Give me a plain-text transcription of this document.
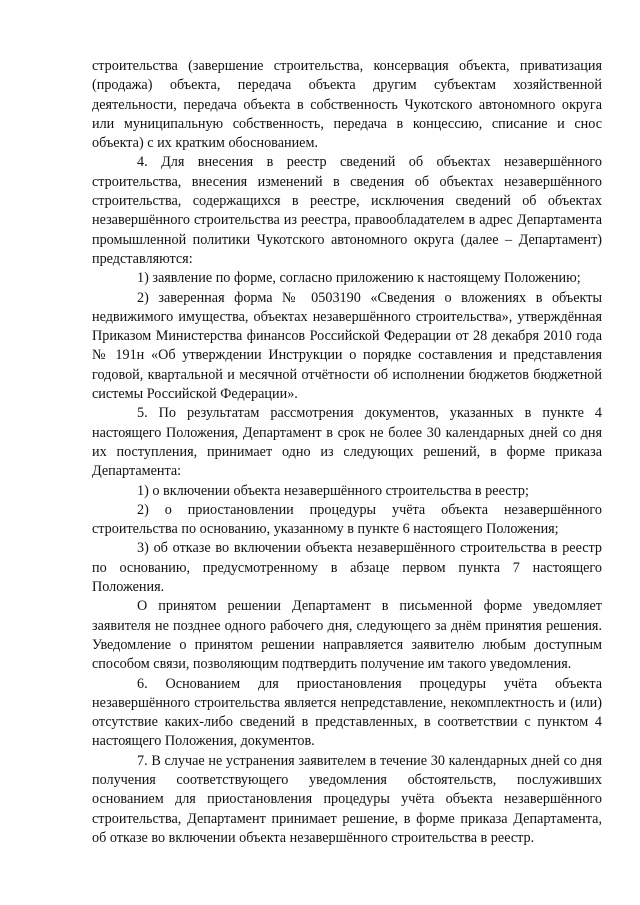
строительства (завершение строительства, консервация объекта, приватизация (продажа) объекта, передача объекта другим субъектам хозяйственной деятельности, передача объекта в собственность Чукотского автономного округа или муниципальную собственность, передача в концессию, списание и снос объекта) с их кратким обоснованием.

4. Для внесения в реестр сведений об объектах незавершённого строительства, внесения изменений в сведения об объектах незавершённого строительства, содержащихся в реестре, исключения сведений об объектах незавершённого строительства из реестра, правообладателем в адрес Департамента промышленной политики Чукотского автономного округа (далее – Департамент) представляются:

1) заявление по форме, согласно приложению к настоящему Положению;

2) заверенная форма № 0503190 «Сведения о вложениях в объекты недвижимого имущества, объектах незавершённого строительства», утверждённая Приказом Министерства финансов Российской Федерации от 28 декабря 2010 года № 191н «Об утверждении Инструкции о порядке составления и представления годовой, квартальной и месячной отчётности об исполнении бюджетов бюджетной системы Российской Федерации».

5. По результатам рассмотрения документов, указанных в пункте 4 настоящего Положения, Департамент в срок не более 30 календарных дней со дня их поступления, принимает одно из следующих решений, в форме приказа Департамента:

1) о включении объекта незавершённого строительства в реестр;

2) о приостановлении процедуры учёта объекта незавершённого строительства по основанию, указанному в пункте 6 настоящего Положения;

3) об отказе во включении объекта незавершённого строительства в реестр по основанию, предусмотренному в абзаце первом пункта 7 настоящего Положения.

О принятом решении Департамент в письменной форме уведомляет заявителя не позднее одного рабочего дня, следующего за днём принятия решения. Уведомление о принятом решении направляется заявителю любым доступным способом связи, позволяющим подтвердить получение им такого уведомления.

6. Основанием для приостановления процедуры учёта объекта незавершённого строительства является непредставление, некомплектность и (или) отсутствие каких-либо сведений в представленных, в соответствии с пунктом 4 настоящего Положения, документов.

7. В случае не устранения заявителем в течение 30 календарных дней со дня получения соответствующего уведомления обстоятельств, послуживших основанием для приостановления процедуры учёта объекта незавершённого строительства, Департамент принимает решение, в форме приказа Департамента, об отказе во включении объекта незавершённого строительства в реестр.
